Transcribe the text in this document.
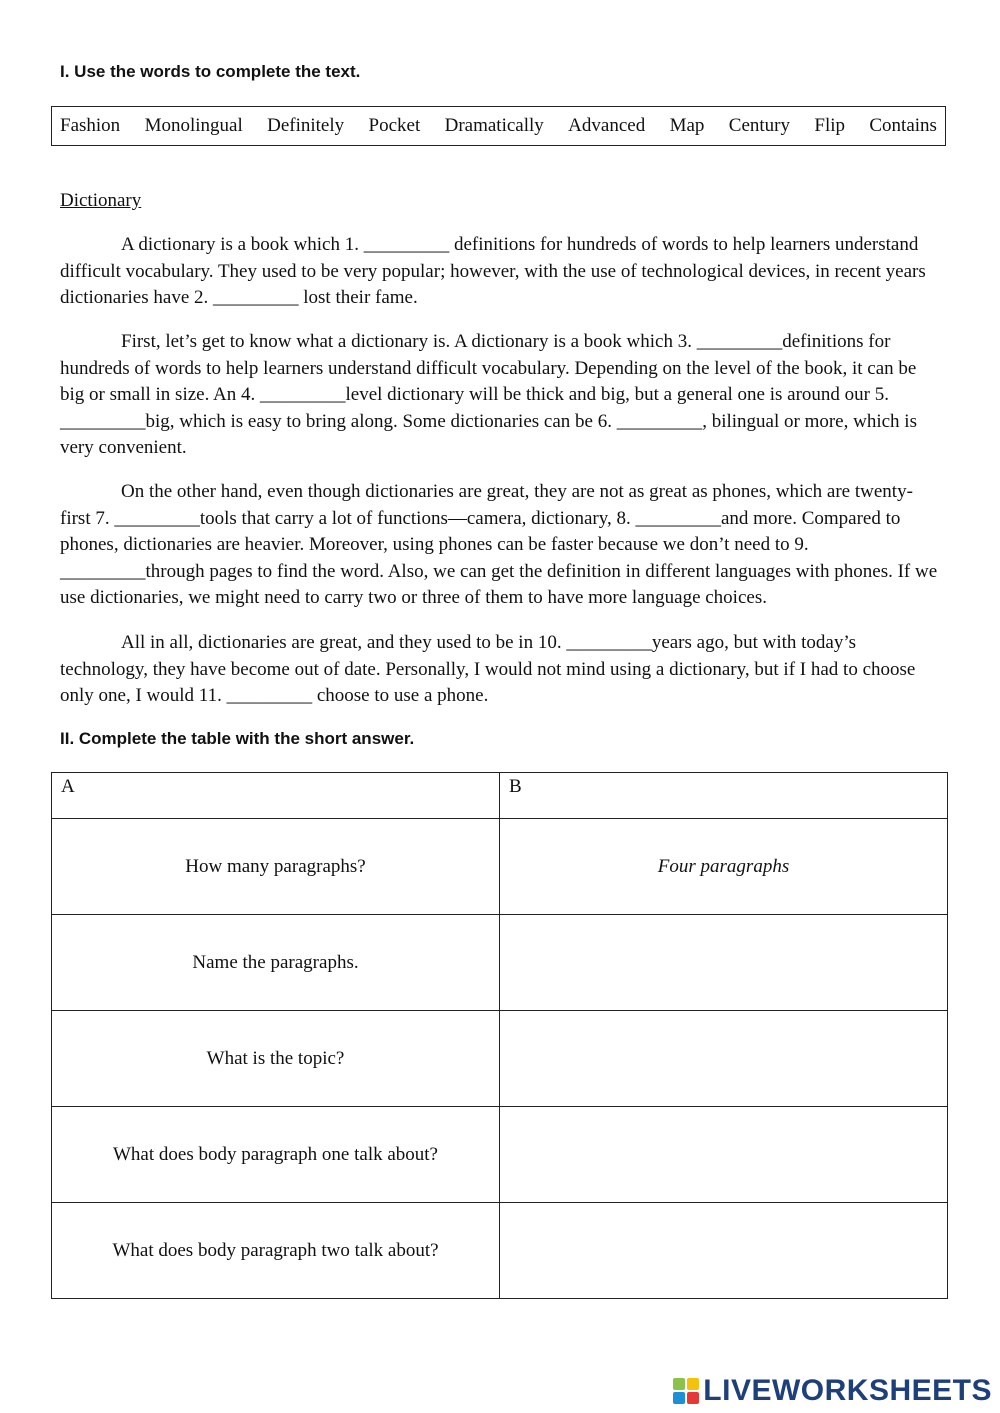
I. Use the words to complete the text.
Fashion Monolingual Definitely Pocket Dramatically Advanced Map Century Flip Contains
Dictionary

A dictionary is a book which 1. _________ definitions for hundreds of words to help learners understand difficult vocabulary. They used to be very popular; however, with the use of technological devices, in recent years dictionaries have 2. _________ lost their fame.

First, let’s get to know what a dictionary is. A dictionary is a book which 3. _________definitions for hundreds of words to help learners understand difficult vocabulary. Depending on the level of the book, it can be big or small in size. An 4. _________level dictionary will be thick and big, but a general one is around our 5. _________big, which is easy to bring along. Some dictionaries can be 6. _________, bilingual or more, which is very convenient.

On the other hand, even though dictionaries are great, they are not as great as phones, which are twenty-first 7. _________tools that carry a lot of functions—camera, dictionary, 8. _________and more. Compared to phones, dictionaries are heavier. Moreover, using phones can be faster because we don’t need to 9. _________through pages to find the word. Also, we can get the definition in different languages with phones. If we use dictionaries, we might need to carry two or three of them to have more language choices.

All in all, dictionaries are great, and they used to be in 10. _________years ago, but with today’s technology, they have become out of date. Personally, I would not mind using a dictionary, but if I had to choose only one, I would 11. _________ choose to use a phone.

II. Complete the table with the short answer.
A	B
How many paragraphs?	Four paragraphs
Name the paragraphs.	
What is the topic?	
What does body paragraph one talk about?	
What does body paragraph two talk about?	
LIVEWORKSHEETS
